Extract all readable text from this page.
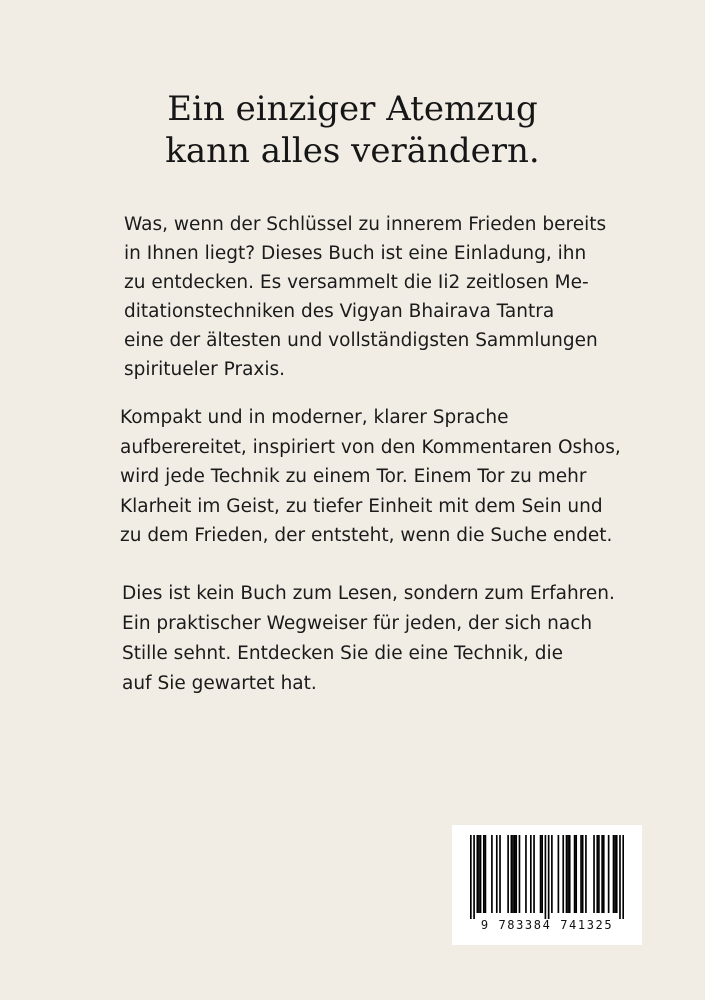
Ein einziger Atemzug
kann alles verändern.
Was, wenn der Schlüssel zu innerem Frieden bereits
in Ihnen liegt? Dieses Buch ist eine Einladung, ihn
zu entdecken. Es versammelt die Ii2 zeitlosen Me-
ditationstechniken des Vigyan Bhairava Tantra
eine der ältesten und vollständigsten Sammlungen
spiritueler Praxis.
Kompakt und in moderner, klarer Sprache
aufberereitet, inspiriert von den Kommentaren Oshos,
wird jede Technik zu einem Tor. Einem Tor zu mehr
Klarheit im Geist, zu tiefer Einheit mit dem Sein und
zu dem Frieden, der entsteht, wenn die Suche endet.
Dies ist kein Buch zum Lesen, sondern zum Erfahren.
Ein praktischer Wegweiser für jeden, der sich nach
Stille sehnt. Entdecken Sie die eine Technik, die
auf Sie gewartet hat.
9 783384 741325
